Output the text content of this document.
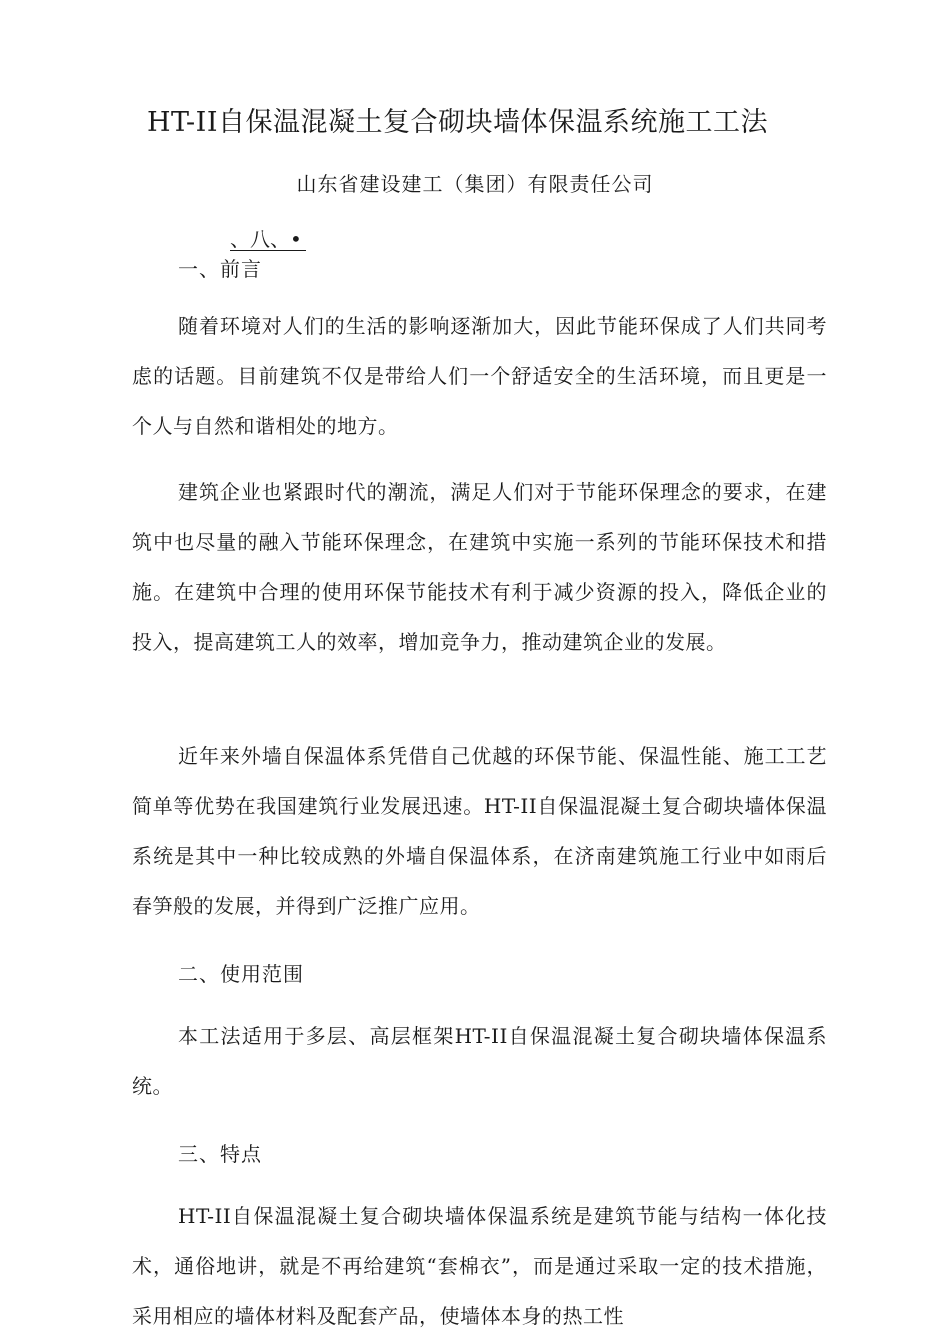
HT-II自保温混凝土复合砌块墙体保温系统施工工法
山东省建设建工（集团）有限责任公司
、八、•
一、前言
随着环境对人们的生活的影响逐渐加大，因此节能环保成了人们共同考虑的话题。目前建筑不仅是带给人们一个舒适安全的生活环境，而且更是一个人与自然和谐相处的地方。
建筑企业也紧跟时代的潮流，满足人们对于节能环保理念的要求，在建筑中也尽量的融入节能环保理念，在建筑中实施一系列的节能环保技术和措施。在建筑中合理的使用环保节能技术有利于减少资源的投入，降低企业的投入，提高建筑工人的效率，增加竞争力，推动建筑企业的发展。
近年来外墙自保温体系凭借自己优越的环保节能、保温性能、施工工艺简单等优势在我国建筑行业发展迅速。HT-II自保温混凝土复合砌块墙体保温系统是其中一种比较成熟的外墙自保温体系，在济南建筑施工行业中如雨后春笋般的发展，并得到广泛推广应用。
二、使用范围
本工法适用于多层、高层框架HT-II自保温混凝土复合砌块墙体保温系统。
三、特点
HT-II自保温混凝土复合砌块墙体保温系统是建筑节能与结构一体化技术，通俗地讲，就是不再给建筑“套棉衣”，而是通过采取一定的技术措施，采用相应的墙体材料及配套产品，使墙体本身的热工性
